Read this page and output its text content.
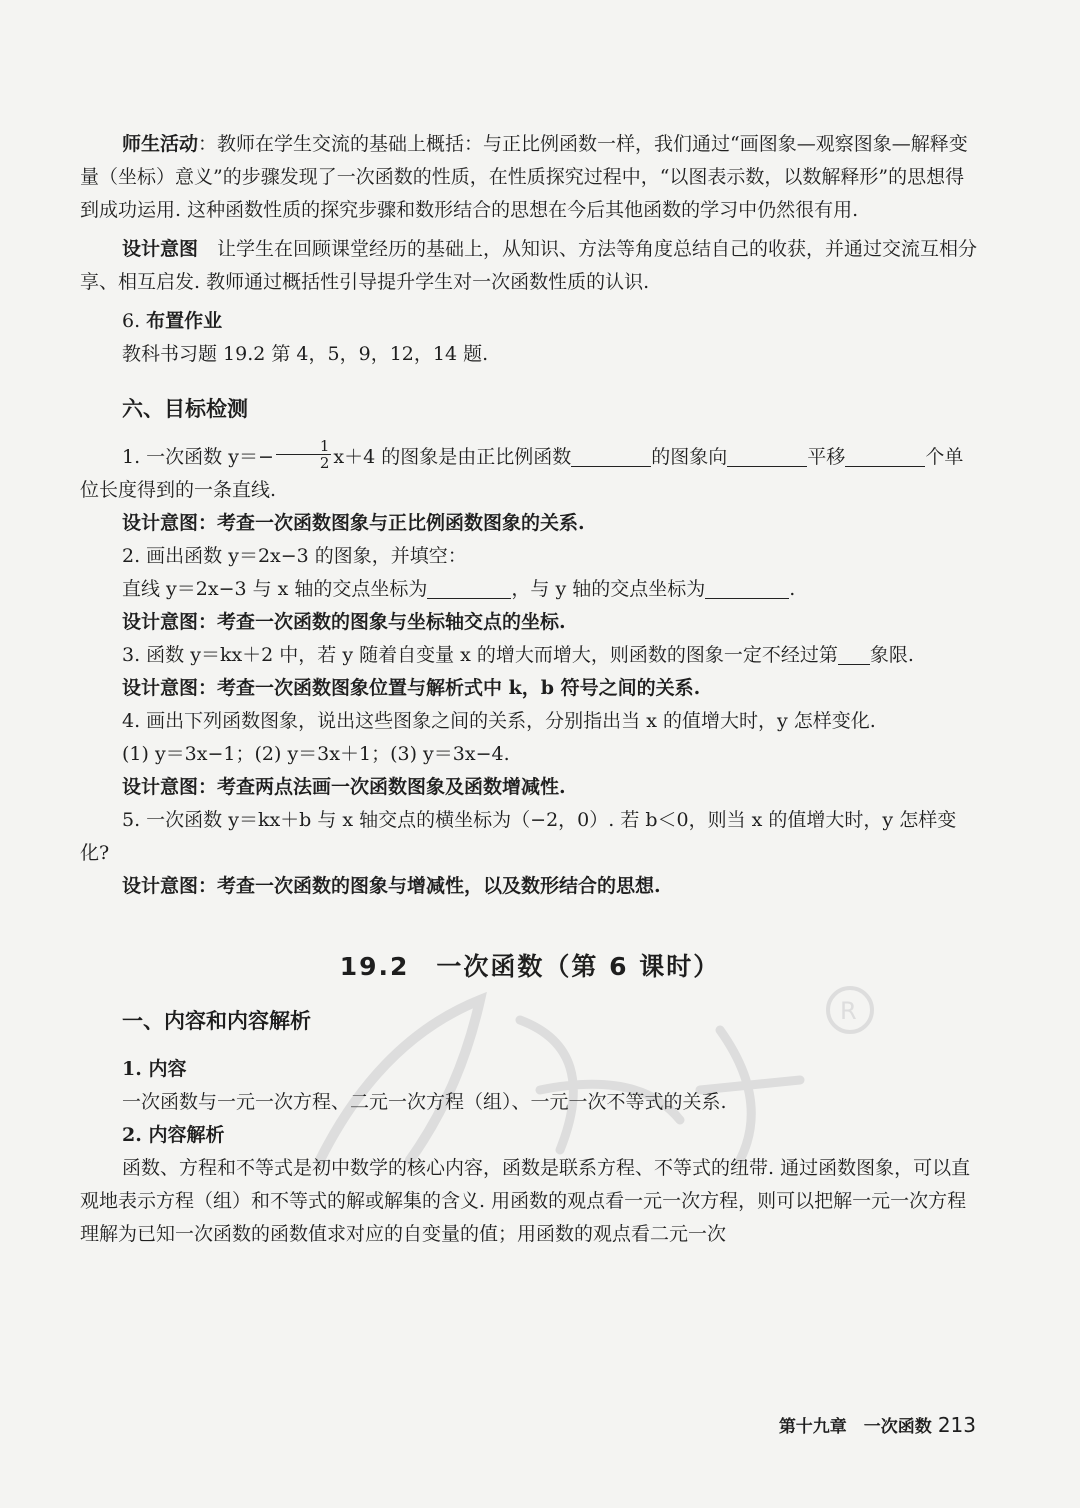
R

师生活动：教师在学生交流的基础上概括：与正比例函数一样，我们通过“画图象—观察图象—解释变量（坐标）意义”的步骤发现了一次函数的性质，在性质探究过程中，“以图表示数，以数解释形”的思想得到成功运用. 这种函数性质的探究步骤和数形结合的思想在今后其他函数的学习中仍然很有用.

设计意图　让学生在回顾课堂经历的基础上，从知识、方法等角度总结自己的收获，并通过交流互相分享、相互启发. 教师通过概括性引导提升学生对一次函数性质的认识.

6. 布置作业

教科书习题 19.2 第 4，5，9，12，14 题.

六、目标检测

1. 一次函数 $y=- \frac{1}{2} x+4$ 的图象是由正比例函数	的图象向	平移	个单位长度得到的一条直线.

设计意图：考查一次函数图象与正比例函数图象的关系.

2. 画出函数 y＝2x−3 的图象，并填空：

直线 y＝2x−3 与 x 轴的交点坐标为	，与 y 轴的交点坐标为	.

设计意图：考查一次函数的图象与坐标轴交点的坐标.

3. 函数 y＝kx＋2 中，若 y 随着自变量 x 的增大而增大，则函数的图象一定不经过第 象限.

设计意图：考查一次函数图象位置与解析式中 k，b 符号之间的关系.

4. 画出下列函数图象，说出这些图象之间的关系，分别指出当 x 的值增大时，y 怎样变化.

(1) y＝3x−1；(2) y＝3x＋1；(3) y＝3x−4.

设计意图：考查两点法画一次函数图象及函数增减性.

5. 一次函数 y＝kx＋b 与 x 轴交点的横坐标为（−2，0）. 若 b＜0，则当 x 的值增大时，y 怎样变化?

设计意图：考查一次函数的图象与增减性，以及数形结合的思想.

19.2　一次函数（第 6 课时）
一、内容和内容解析

1. 内容

一次函数与一元一次方程、二元一次方程（组）、一元一次不等式的关系.

2. 内容解析

函数、方程和不等式是初中数学的核心内容，函数是联系方程、不等式的纽带. 通过函数图象，可以直观地表示方程（组）和不等式的解或解集的含义. 用函数的观点看一元一次方程，则可以把解一元一次方程理解为已知一次函数的函数值求对应的自变量的值；用函数的观点看二元一次

第十九章　一次函数 213
